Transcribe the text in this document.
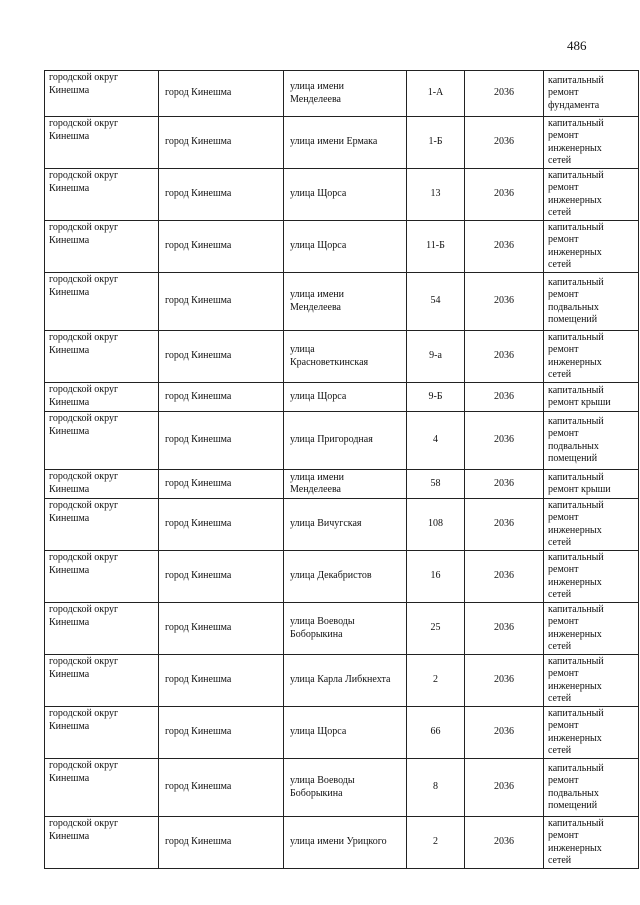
486
городской округ
Кинешма	город Кинешма	улица имени
Менделеева	1-А	2036	капитальный
ремонт
фундамента

городской округ
Кинешма	город Кинешма	улица имени Ермака	1-Б	2036	капитальный
ремонт
инженерных
сетей

городской округ
Кинешма	город Кинешма	улица Щорса	13	2036	капитальный
ремонт
инженерных
сетей

городской округ
Кинешма	город Кинешма	улица Щорса	11-Б	2036	капитальный
ремонт
инженерных
сетей

городской округ
Кинешма	город Кинешма	улица имени
Менделеева	54	2036	капитальный
ремонт
подвальных
помещений

городской округ
Кинешма	город Кинешма	улица
Красноветкинская	9-а	2036	капитальный
ремонт
инженерных
сетей

городской округ
Кинешма	город Кинешма	улица Щорса	9-Б	2036	капитальный
ремонт крыши

городской округ
Кинешма	город Кинешма	улица Пригородная	4	2036	капитальный
ремонт
подвальных
помещений

городской округ
Кинешма	город Кинешма	улица имени
Менделеева	58	2036	капитальный
ремонт крыши

городской округ
Кинешма	город Кинешма	улица Вичугская	108	2036	капитальный
ремонт
инженерных
сетей

городской округ
Кинешма	город Кинешма	улица Декабристов	16	2036	капитальный
ремонт
инженерных
сетей

городской округ
Кинешма	город Кинешма	улица Воеводы
Боборыкина	25	2036	капитальный
ремонт
инженерных
сетей

городской округ
Кинешма	город Кинешма	улица Карла Либкнехта	2	2036	капитальный
ремонт
инженерных
сетей

городской округ
Кинешма	город Кинешма	улица Щорса	66	2036	капитальный
ремонт
инженерных
сетей

городской округ
Кинешма	город Кинешма	улица Воеводы
Боборыкина	8	2036	капитальный
ремонт
подвальных
помещений

городской округ
Кинешма	город Кинешма	улица имени Урицкого	2	2036	капитальный
ремонт
инженерных
сетей
